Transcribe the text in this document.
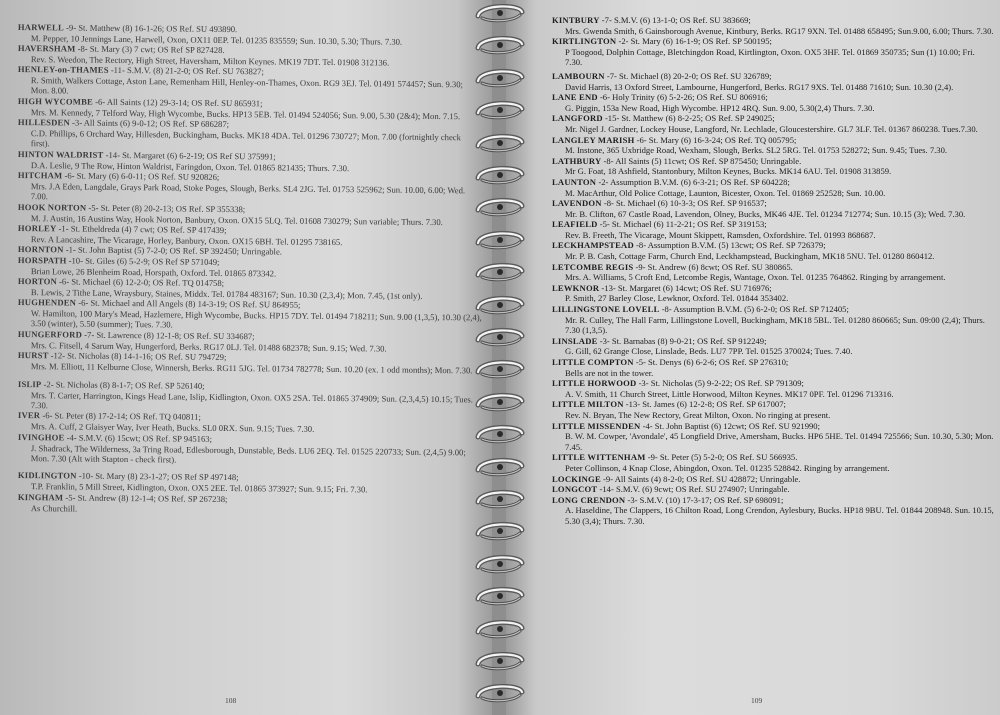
HARWELL -9- St. Matthew (8) 16-1-26; OS Ref. SU 493890.
M. Pepper, 10 Jennings Lane, Harwell, Oxon, OX11 0EP. Tel. 01235 835559; Sun. 10.30, 5.30; Thurs. 7.30.
HAVERSHAM -8- St. Mary (3) 7 cwt; OS Ref SP 827428.
Rev. S. Weedon, The Rectory, High Street, Haversham, Milton Keynes. MK19 7DT. Tel. 01908 312136.
HENLEY-on-THAMES -11- S.M.V. (8) 21-2-0; OS Ref. SU 763827;
R. Smith, Walkers Cottage, Aston Lane, Remenham Hill, Henley-on-Thames, Oxon. RG9 3EJ. Tel. 01491 574457; Sun. 9.30; Mon. 8.00.
HIGH WYCOMBE -6- All Saints (12) 29-3-14; OS Ref. SU 865931;
Mrs. M. Kennedy, 7 Telford Way, High Wycombe, Bucks. HP13 5EB. Tel. 01494 524056; Sun. 9.00, 5.30 (2&4); Mon. 7.15.
HILLESDEN -3- All Saints (6) 9-0-12; OS Ref. SP 686287;
C.D. Phillips, 6 Orchard Way, Hillesden, Buckingham, Bucks. MK18 4DA. Tel. 01296 730727; Mon. 7.00 (fortnightly check first).
HINTON WALDRIST -14- St. Margaret (6) 6-2-19; OS Ref SU 375991;
D.A. Leslie, 9 The Row, Hinton Waldrist, Faringdon, Oxon. Tel. 01865 821435; Thurs. 7.30.
HITCHAM -6- St. Mary (6) 6-0-11; OS Ref. SU 920826;
Mrs. J.A Eden, Langdale, Grays Park Road, Stoke Poges, Slough, Berks. SL4 2JG. Tel. 01753 525962; Sun. 10.00, 6.00; Wed. 7.00.
HOOK NORTON -5- St. Peter (8) 20-2-13; OS Ref. SP 355338;
M. J. Austin, 16 Austins Way, Hook Norton, Banbury, Oxon. OX15 5LQ. Tel. 01608 730279; Sun variable; Thurs. 7.30.
HORLEY -1- St. Etheldreda (4) 7 cwt; OS Ref. SP 417439;
Rev. A Lancashire, The Vicarage, Horley, Banbury, Oxon. OX15 6BH. Tel. 01295 738165.
HORNTON -1- St. John Baptist (5) 7-2-0; OS Ref. SP 392450; Unringable.
HORSPATH -10- St. Giles (6) 5-2-9; OS Ref SP 571049;
Brian Lowe, 26 Blenheim Road, Horspath, Oxford. Tel. 01865 873342.
HORTON -6- St. Michael (6) 12-2-0; OS Ref. TQ 014758;
B. Lewis, 2 Tithe Lane, Wraysbury, Staines, Middx. Tel. 01784 483167; Sun. 10.30 (2,3,4); Mon. 7.45, (1st only).
HUGHENDEN -6- St. Michael and All Angels (8) 14-3-19; OS Ref. SU 864955;
W. Hamilton, 100 Mary's Mead, Hazlemere, High Wycombe, Bucks. HP15 7DY. Tel. 01494 718211; Sun. 9.00 (1,3,5), 10.30 (2,4), 3.50 (winter), 5.50 (summer); Tues. 7.30.
HUNGERFORD -7- St. Lawrence (8) 12-1-8; OS Ref. SU 334687;
Mrs. C. Fitsell, 4 Sarum Way, Hungerford, Berks. RG17 0LJ. Tel. 01488 682378; Sun. 9.15; Wed. 7.30.
HURST -12- St. Nicholas (8) 14-1-16; OS Ref. SU 794729;
Mrs. M. Elliott, 11 Kelburne Close, Winnersh, Berks. RG11 5JG. Tel. 01734 782778; Sun. 10.20 (ex. 1 odd months); Mon. 7.30.
ISLIP -2- St. Nicholas (8) 8-1-7; OS Ref. SP 526140;
Mrs. T. Carter, Harrington, Kings Head Lane, Islip, Kidlington, Oxon. OX5 2SA. Tel. 01865 374909; Sun. (2,3,4,5) 10.15; Tues. 7.30.
IVER -6- St. Peter (8) 17-2-14; OS Ref. TQ 040811;
Mrs. A. Cuff, 2 Glaisyer Way, Iver Heath, Bucks. SL0 0RX. Sun. 9.15; Tues. 7.30.
IVINGHOE -4- S.M.V. (6) 15cwt; OS Ref. SP 945163;
J. Shadrack, The Wilderness, 3a Tring Road, Edlesborough, Dunstable, Beds. LU6 2EQ. Tel. 01525 220733; Sun. (2,4,5) 9.00; Mon. 7.30 (Alt with Stapton - check first).
KIDLINGTON -10- St. Mary (8) 23-1-27; OS Ref SP 497148;
T.P. Franklin, 5 Mill Street, Kidlington, Oxon. OX5 2EE. Tel. 01865 373927; Sun. 9.15; Fri. 7.30.
KINGHAM -5- St. Andrew (8) 12-1-4; OS Ref. SP 267238;
As Churchill.
108
KINTBURY -7- S.M.V. (6) 13-1-0; OS Ref. SU 383669;
Mrs. Gwenda Smith, 6 Gainsborough Avenue, Kintbury, Berks. RG17 9XN. Tel. 01488 658495; Sun.9.00, 6.00; Thurs. 7.30.
KIRTLINGTON -2- St. Mary (6) 16-1-9; OS Ref. SP 500195;
P Toogood, Dolphin Cottage, Bletchingdon Road, Kirtlington, Oxon. OX5 3HF. Tel. 01869 350735; Sun (1) 10.00; Fri. 7.30.
LAMBOURN -7- St. Michael (8) 20-2-0; OS Ref. SU 326789;
David Harris, 13 Oxford Street, Lambourne, Hungerford, Berks. RG17 9XS. Tel. 01488 71610; Sun. 10.30 (2,4).
LANE END -6- Holy Trinity (6) 5-2-26; OS Ref. SU 806916;
G. Piggin, 153a New Road, High Wycombe. HP12 4RQ. Sun. 9.00, 5.30(2,4) Thurs. 7.30.
LANGFORD -15- St. Matthew (6) 8-2-25; OS Ref. SP 249025;
Mr. Nigel J. Gardner, Lockey House, Langford, Nr. Lechlade, Gloucestershire. GL7 3LF. Tel. 01367 860238. Tues.7.30.
LANGLEY MARISH -6- St. Mary (6) 16-3-24; OS Ref. TQ 005795;
M. Instone, 365 Uxbridge Road, Wexham, Slough, Berks. SL2 5RG. Tel. 01753 528272; Sun. 9.45; Tues. 7.30.
LATHBURY -8- All Saints (5) 11cwt; OS Ref. SP 875450; Unringable.
Mr G. Foat, 18 Ashfield, Stantonbury, Milton Keynes, Bucks. MK14 6AU. Tel. 01908 313859.
LAUNTON -2- Assumption B.V.M. (6) 6-3-21; OS Ref. SP 604228;
M. MacArthur, Old Police Cottage, Launton, Bicester, Oxon. Tel. 01869 252528; Sun. 10.00.
LAVENDON -8- St. Michael (6) 10-3-3; OS Ref. SP 916537;
Mr. B. Clifton, 67 Castle Road, Lavendon, Olney, Bucks, MK46 4JE. Tel. 01234 712774; Sun. 10.15 (3); Wed. 7.30.
LEAFIELD -5- St. Michael (6) 11-2-21; OS Ref. SP 319153;
Rev. B. Freeth, The Vicarage, Mount Skippett, Ramsden, Oxfordshire. Tel. 01993 868687.
LECKHAMPSTEAD -8- Assumption B.V.M. (5) 13cwt; OS Ref. SP 726379;
Mr. P. B. Cash, Cottage Farm, Church End, Leckhampstead, Buckingham, MK18 5NU. Tel. 01280 860412.
LETCOMBE REGIS -9- St. Andrew (6) 8cwt; OS Ref. SU 380865.
Mrs. A. Williams, 5 Croft End, Letcombe Regis, Wantage, Oxon. Tel. 01235 764862. Ringing by arrangement.
LEWKNOR -13- St. Margaret (6) 14cwt; OS Ref. SU 716976;
P. Smith, 27 Barley Close, Lewknor, Oxford. Tel. 01844 353402.
LILLINGSTONE LOVELL -8- Assumption B.V.M. (5) 6-2-0; OS Ref. SP 712405;
Mr. R. Culley, The Hall Farm, Lillingstone Lovell, Buckingham, MK18 5BL. Tel. 01280 860665; Sun. 09:00 (2,4); Thurs. 7.30 (1,3,5).
LINSLADE -3- St. Barnabas (8) 9-0-21; OS Ref. SP 912249;
G. Gill, 62 Grange Close, Linslade, Beds. LU7 7PP. Tel. 01525 370024; Tues. 7.40.
LITTLE COMPTON -5- St. Denys (6) 6-2-6; OS Ref. SP 276310;
Bells are not in the tower.
LITTLE HORWOOD -3- St. Nicholas (5) 9-2-22; OS Ref. SP 791309;
A. V. Smith, 11 Church Street, Little Horwood, Milton Keynes. MK17 0PF. Tel. 01296 713316.
LITTLE MILTON -13- St. James (6) 12-2-8; OS Ref. SP 617007;
Rev. N. Bryan, The New Rectory, Great Milton, Oxon. No ringing at present.
LITTLE MISSENDEN -4- St. John Baptist (6) 12cwt; OS Ref. SU 921990;
B. W. M. Cowper, 'Avondale', 45 Longfield Drive, Amersham, Bucks. HP6 5HE. Tel. 01494 725566; Sun. 10.30, 5.30; Mon. 7.45.
LITTLE WITTENHAM -9- St. Peter (5) 5-2-0; OS Ref. SU 566935.
Peter Collinson, 4 Knap Close, Abingdon, Oxon. Tel. 01235 528842. Ringing by arrangement.
LOCKINGE -9- All Saints (4) 8-2-0; OS Ref. SU 428872; Unringable.
LONGCOT -14- S.M.V. (6) 9cwt; OS Ref. SU 274907; Unringable.
LONG CRENDON -3- S.M.V. (10) 17-3-17; OS Ref. SP 698091;
A. Haseldine, The Clappers, 16 Chilton Road, Long Crendon, Aylesbury, Bucks. HP18 9BU. Tel. 01844 208948. Sun. 10.15, 5.30 (3,4); Thurs. 7.30.
109
